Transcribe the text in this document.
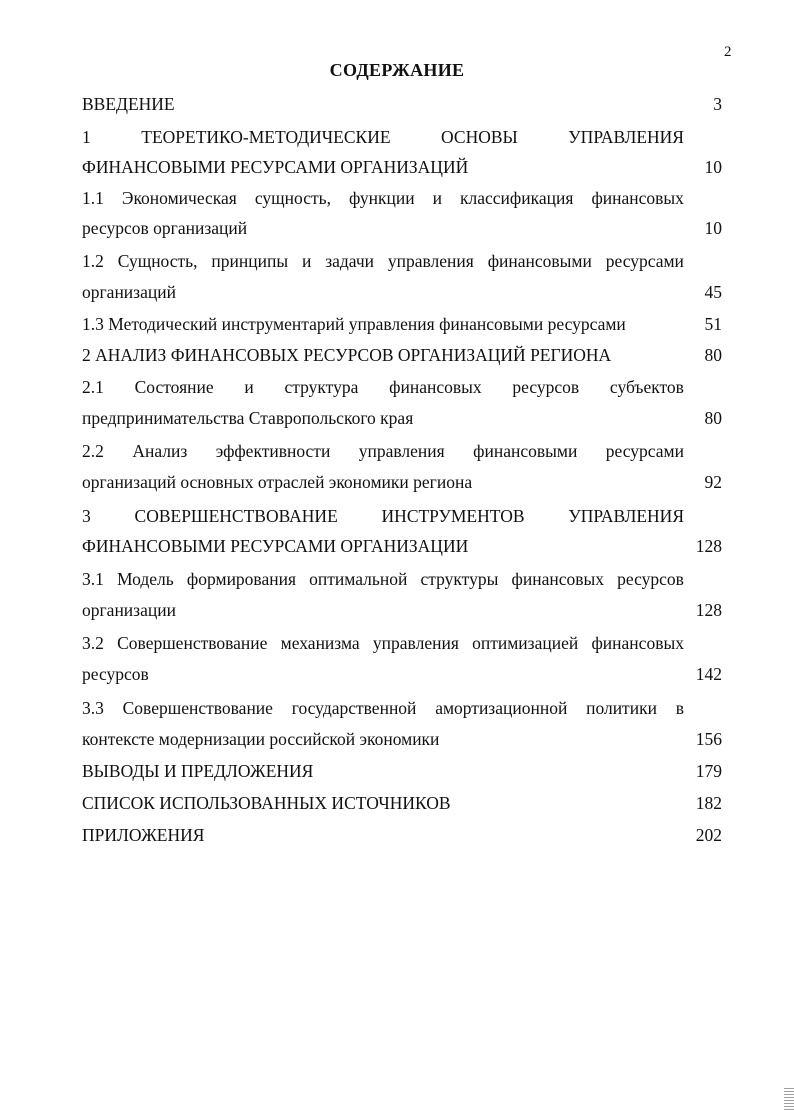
2
СОДЕРЖАНИЕ
ВВЕДЕНИЕ	3
1	ТЕОРЕТИКО-МЕТОДИЧЕСКИЕ	ОСНОВЫ	УПРАВЛЕНИЯ
ФИНАНСОВЫМИ РЕСУРСАМИ ОРГАНИЗАЦИЙ	10
1.1 Экономическая сущность, функции и классификация финансовых
ресурсов организаций	10
1.2 Сущность, принципы и задачи управления финансовыми ресурсами
организаций	45
1.3 Методический инструментарий управления финансовыми ресурсами	51
2 АНАЛИЗ ФИНАНСОВЫХ РЕСУРСОВ ОРГАНИЗАЦИЙ РЕГИОНА	80
2.1 Состояние и структура финансовых ресурсов субъектов
предпринимательства Ставропольского края	80
2.2 Анализ эффективности управления финансовыми ресурсами
организаций основных отраслей экономики региона	92
3	СОВЕРШЕНСТВОВАНИЕ	ИНСТРУМЕНТОВ	УПРАВЛЕНИЯ
ФИНАНСОВЫМИ РЕСУРСАМИ ОРГАНИЗАЦИИ	128
3.1 Модель формирования оптимальной структуры финансовых ресурсов
организации	128
3.2 Совершенствование механизма управления оптимизацией финансовых
ресурсов	142
3.3 Совершенствование государственной амортизационной политики в
контексте модернизации российской экономики	156
ВЫВОДЫ И ПРЕДЛОЖЕНИЯ	179
СПИСОК ИСПОЛЬЗОВАННЫХ ИСТОЧНИКОВ	182
ПРИЛОЖЕНИЯ	202
